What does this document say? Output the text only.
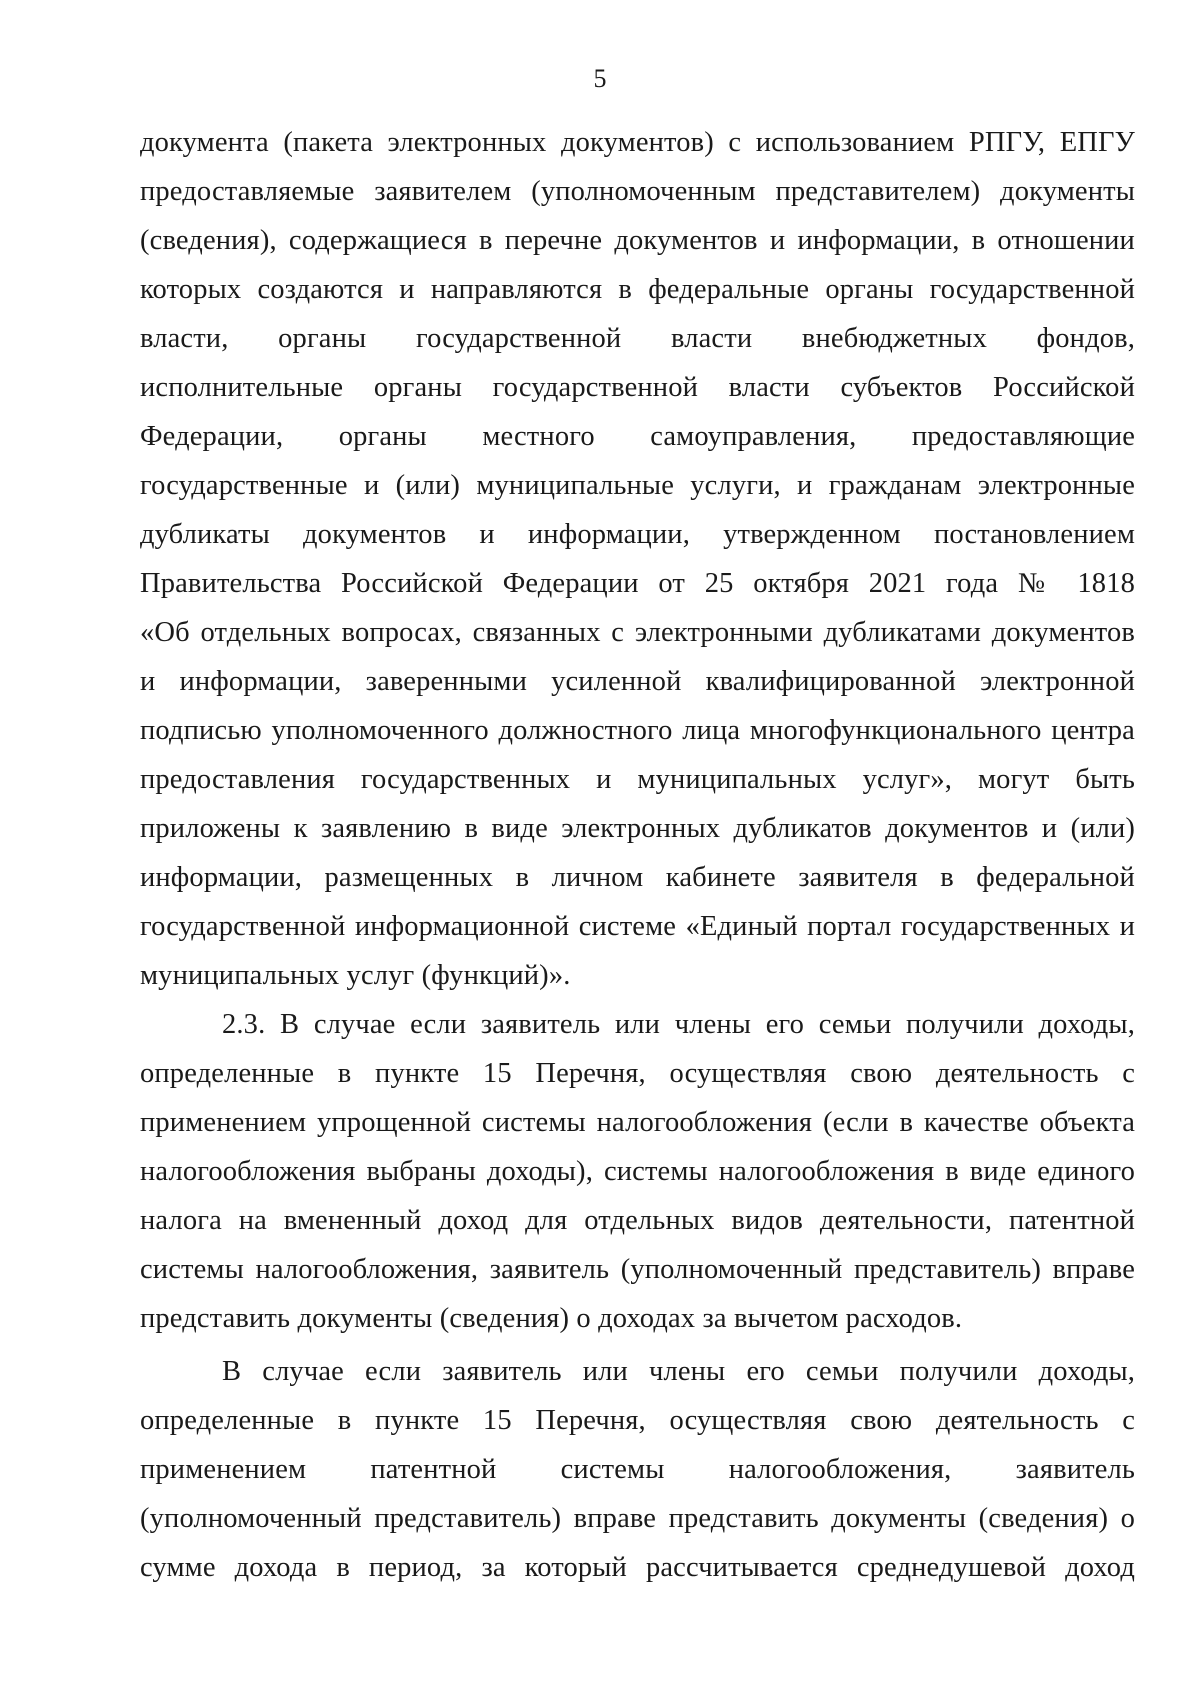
5
документа (пакета электронных документов) с использованием РПГУ, ЕПГУ
предоставляемые заявителем (уполномоченным представителем) документы
(сведения), содержащиеся в перечне документов и информации, в отношении
которых создаются и направляются в федеральные органы государственной
власти, органы государственной власти внебюджетных фондов,
исполнительные органы государственной власти субъектов Российской
Федерации, органы местного самоуправления, предоставляющие
государственные и (или) муниципальные услуги, и гражданам электронные
дубликаты документов и информации, утвержденном постановлением
Правительства Российской Федерации от 25 октября 2021 года № 1818
«Об отдельных вопросах, связанных с электронными дубликатами документов
и информации, заверенными усиленной квалифицированной электронной
подписью уполномоченного должностного лица многофункционального центра
предоставления государственных и муниципальных услуг», могут быть
приложены к заявлению в виде электронных дубликатов документов и (или)
информации, размещенных в личном кабинете заявителя в федеральной
государственной информационной системе «Единый портал государственных и
муниципальных услуг (функций)».
2.3. В случае если заявитель или члены его семьи получили доходы,
определенные в пункте 15 Перечня, осуществляя свою деятельность с
применением упрощенной системы налогообложения (если в качестве объекта
налогообложения выбраны доходы), системы налогообложения в виде единого
налога на вмененный доход для отдельных видов деятельности, патентной
системы налогообложения, заявитель (уполномоченный представитель) вправе
представить документы (сведения) о доходах за вычетом расходов.
В случае если заявитель или члены его семьи получили доходы,
определенные в пункте 15 Перечня, осуществляя свою деятельность с
применением патентной системы налогообложения, заявитель
(уполномоченный представитель) вправе представить документы (сведения) о
сумме дохода в период, за который рассчитывается среднедушевой доход
